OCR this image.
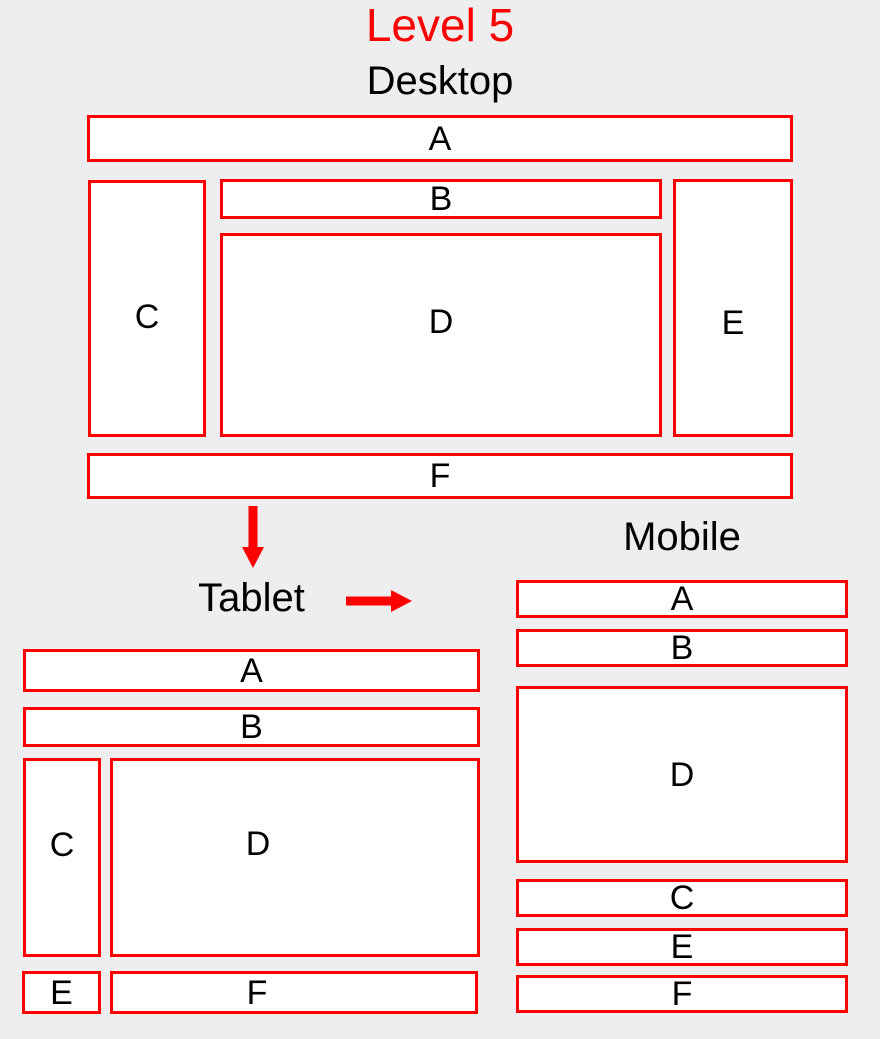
Level 5
Desktop
A
C
B
D	E
F
Tablet
A
B
C	D
E	F
Mobile
A
B
D
C
E
F
